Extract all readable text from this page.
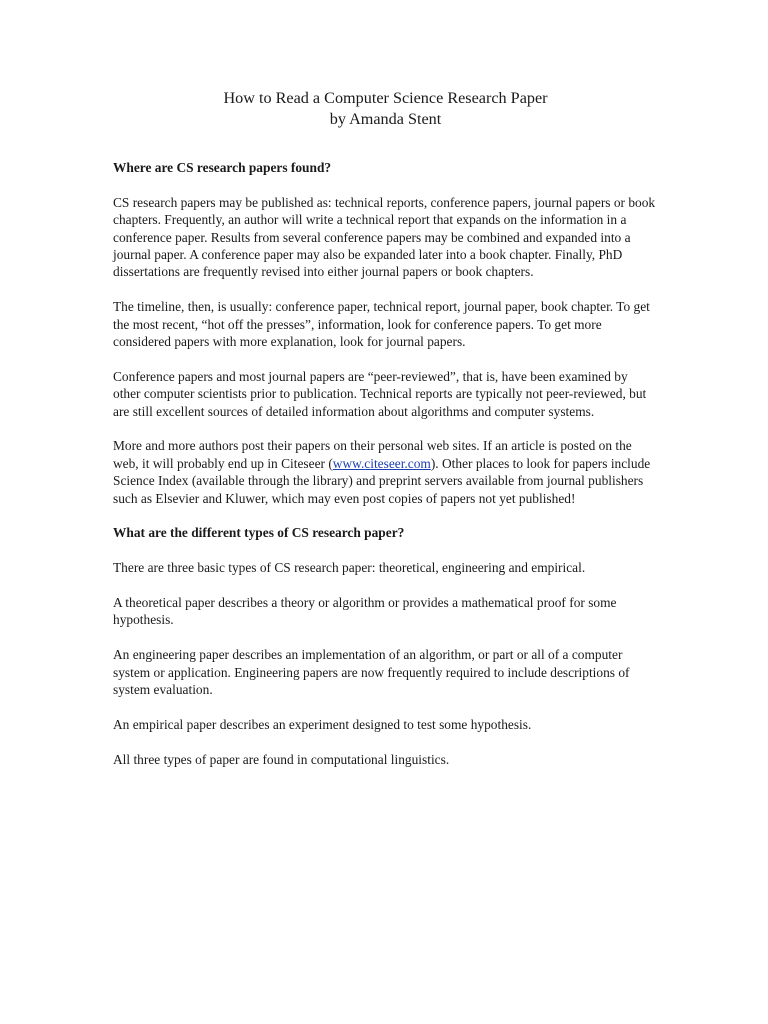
How to Read a Computer Science Research Paper
by Amanda Stent
Where are CS research papers found?

CS research papers may be published as: technical reports, conference papers, journal papers or book chapters. Frequently, an author will write a technical report that expands on the information in a conference paper. Results from several conference papers may be combined and expanded into a journal paper. A conference paper may also be expanded later into a book chapter. Finally, PhD dissertations are frequently revised into either journal papers or book chapters.

The timeline, then, is usually: conference paper, technical report, journal paper, book chapter. To get the most recent, “hot off the presses”, information, look for conference papers. To get more considered papers with more explanation, look for journal papers.

Conference papers and most journal papers are “peer-reviewed”, that is, have been examined by other computer scientists prior to publication. Technical reports are typically not peer-reviewed, but are still excellent sources of detailed information about algorithms and computer systems.

More and more authors post their papers on their personal web sites. If an article is posted on the web, it will probably end up in Citeseer (www.citeseer.com). Other places to look for papers include Science Index (available through the library) and preprint servers available from journal publishers such as Elsevier and Kluwer, which may even post copies of papers not yet published!

What are the different types of CS research paper?

There are three basic types of CS research paper: theoretical, engineering and empirical.

A theoretical paper describes a theory or algorithm or provides a mathematical proof for some hypothesis.

An engineering paper describes an implementation of an algorithm, or part or all of a computer system or application. Engineering papers are now frequently required to include descriptions of system evaluation.

An empirical paper describes an experiment designed to test some hypothesis.

All three types of paper are found in computational linguistics.
